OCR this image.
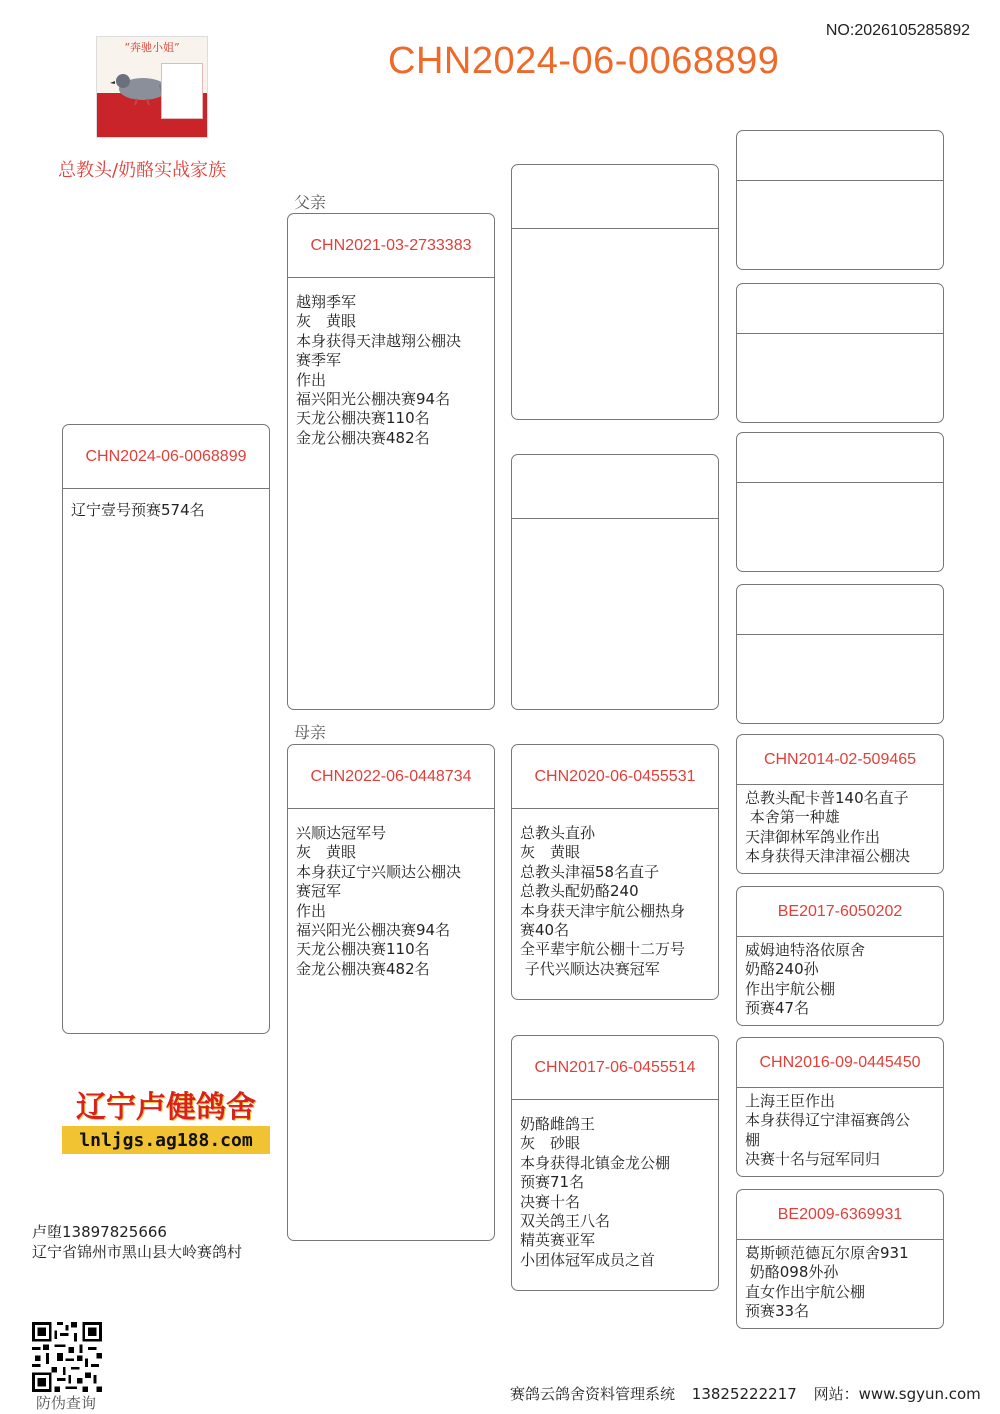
NO:2026105285892
CHN2024-06-0068899
“奔驰小姐”
总教头/奶酪实战家族
父亲
母亲
CHN2024-06-0068899
辽宁壹号预赛574名
CHN2021-03-2733383
越翔季军
灰　黄眼
本身获得天津越翔公棚决
赛季军
作出
福兴阳光公棚决赛94名
天龙公棚决赛110名
金龙公棚决赛482名
CHN2022-06-0448734
兴顺达冠军号
灰　黄眼
本身获辽宁兴顺达公棚决
赛冠军
作出
福兴阳光公棚决赛94名
天龙公棚决赛110名
金龙公棚决赛482名
CHN2020-06-0455531
总教头直孙
灰　黄眼
总教头津福58名直子
总教头配奶酪240
本身获天津宇航公棚热身
赛40名
全平辈宇航公棚十二万号
子代兴顺达决赛冠军
CHN2017-06-0455514
奶酪雌鸽王
灰　砂眼
本身获得北镇金龙公棚
预赛71名
决赛十名
双关鸽王八名
精英赛亚军
小团体冠军成员之首
CHN2014-02-509465
总教头配卡普140名直子
本舍第一种雄
天津御林军鸽业作出
本身获得天津津福公棚决
BE2017-6050202
威姆迪特洛依原舍
奶酪240孙
作出宇航公棚
预赛47名
CHN2016-09-0445450
上海王臣作出
本身获得辽宁津福赛鸽公
棚
决赛十名与冠军同归
BE2009-6369931
葛斯顿范德瓦尔原舍931
奶酪098外孙
直女作出宇航公棚
预赛33名
辽宁卢健鸽舍
lnljgs.ag188.com
卢堕13897825666
辽宁省锦州市黑山县大岭赛鸽村
防伪查询	赛鸽云鸽舍资料管理系统 13825222217 网站：www.sgyun.com
